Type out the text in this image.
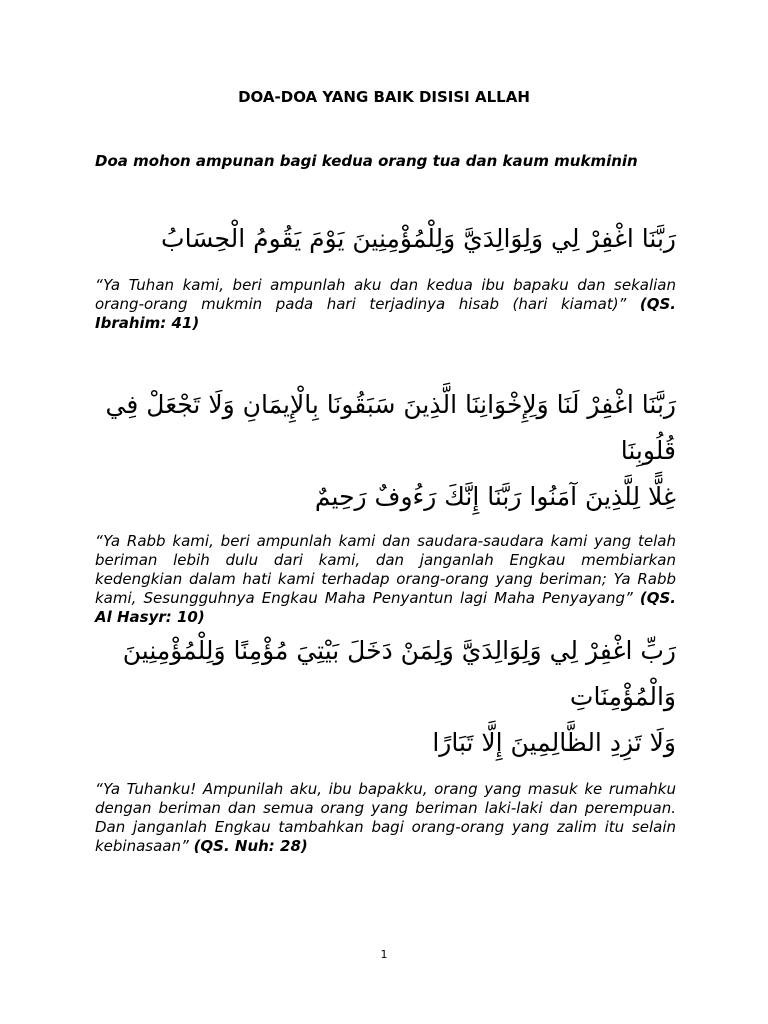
DOA-DOA YANG BAIK DISISI ALLAH
Doa mohon ampunan bagi kedua orang tua dan kaum mukminin
رَبَّنَا اغْفِرْ لِي وَلِوَالِدَيَّ وَلِلْمُؤْمِنِينَ يَوْمَ يَقُومُ الْحِسَابُ
“Ya Tuhan kami, beri ampunlah aku dan kedua ibu bapaku dan sekalian orang-orang mukmin pada hari terjadinya hisab (hari kiamat)” (QS. Ibrahim: 41)
رَبَّنَا اغْفِرْ لَنَا وَلِإِخْوَانِنَا الَّذِينَ سَبَقُونَا بِالْإِيمَانِ وَلَا تَجْعَلْ فِي قُلُوبِنَا
غِلًّا لِلَّذِينَ آمَنُوا رَبَّنَا إِنَّكَ رَءُوفٌ رَحِيمٌ
“Ya Rabb kami, beri ampunlah kami dan saudara-saudara kami yang telah beriman lebih dulu dari kami, dan janganlah Engkau membiarkan kedengkian dalam hati kami terhadap orang-orang yang beriman; Ya Rabb kami, Sesungguhnya Engkau Maha Penyantun lagi Maha Penyayang” (QS. Al Hasyr: 10)
رَبِّ اغْفِرْ لِي وَلِوَالِدَيَّ وَلِمَنْ دَخَلَ بَيْتِيَ مُؤْمِنًا وَلِلْمُؤْمِنِينَ وَالْمُؤْمِنَاتِ
وَلَا تَزِدِ الظَّالِمِينَ إِلَّا تَبَارًا
“Ya Tuhanku! Ampunilah aku, ibu bapakku, orang yang masuk ke rumahku dengan beriman dan semua orang yang beriman laki-laki dan perempuan. Dan janganlah Engkau tambahkan bagi orang-orang yang zalim itu selain kebinasaan” (QS. Nuh: 28)
1
